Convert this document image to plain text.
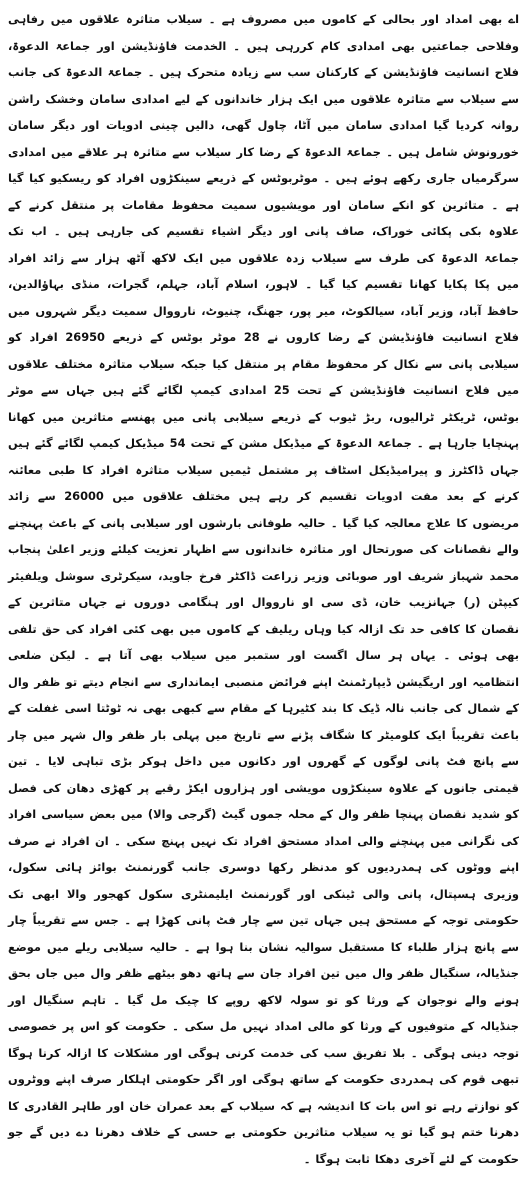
اے بھی امداد اور بحالی کے کاموں میں مصروف ہے ۔ سیلاب متاثرہ علاقوں میں رفاہی وفلاحی جماعتیں بھی امدادی کام کررہی ہیں ۔ الخدمت فاؤنڈیشن اور جماعۃ الدعوۃ، فلاح انسانیت فاؤنڈیشن کے کارکنان سب سے زیادہ متحرک ہیں ۔ جماعۃ الدعوۃ کی جانب سے سیلاب سے متاثرہ علاقوں میں ایک ہزار خاندانوں کے لیے امدادی سامان وخشک راشن روانہ کردیا گیا امدادی سامان میں آٹا، چاول گھی، دالیں چینی ادویات اور دیگر سامان خورونوش شامل ہیں ۔ جماعۃ الدعوۃ کے رضا کار سیلاب سے متاثرہ ہر علاقے میں امدادی سرگرمیاں جاری رکھے ہوئے ہیں ۔ موٹربوٹس کے ذریعے سینکڑوں افراد کو ریسکیو کیا گیا ہے ۔ متاثرین کو انکے سامان اور مویشیوں سمیت محفوظ مقامات پر منتقل کرنے کے علاوہ بکی پکائی خوراک، صاف پانی اور دیگر اشیاء تقسیم کی جارہی ہیں ۔ اب تک جماعۃ الدعوۃ کی طرف سے سیلاب زدہ علاقوں میں ایک لاکھ آٹھ ہزار سے زائد افراد میں پکا پکایا کھانا تقسیم کیا گیا ۔ لاہور، اسلام آباد، جہلم، گجرات، منڈی بہاؤالدین، حافظ آباد، وزیر آباد، سیالکوٹ، میر پور، جھنگ، چنیوٹ، نارووال سمیت دیگر شہروں میں فلاح انسانیت فاؤنڈیشن کے رضا کاروں نے 28 موٹر بوٹس کے ذریعے 26950 افراد کو سیلابی پانی سے نکال کر محفوظ مقام پر منتقل کیا جبکہ سیلاب متاثرہ مختلف علاقوں میں فلاح انسانیت فاؤنڈیشن کے تحت 25 امدادی کیمپ لگائے گئے ہیں جہاں سے موٹر بوٹس، ٹریکٹر ٹرالیوں، ربڑ ٹیوب کے ذریعے سیلابی پانی میں پھنسے متاثرین میں کھانا پہنچایا جارہا ہے ۔ جماعۃ الدعوۃ کے میڈیکل مشن کے تحت 54 میڈیکل کیمپ لگائے گئے ہیں جہاں ڈاکٹرز و پیرامیڈیکل اسٹاف پر مشتمل ٹیمیں سیلاب متاثرہ افراد کا طبی معائنہ کرنے کے بعد مفت ادویات تقسیم کر رہے ہیں مختلف علاقوں میں 26000 سے زائد مریضوں کا علاج معالجہ کیا گیا ۔ حالیہ طوفانی بارشوں اور سیلابی پانی کے باعث پہنچنے والے نقصانات کی صورتحال اور متاثرہ خاندانوں سے اظہار تعزیت کیلئے وزیر اعلیٰ پنجاب محمد شہباز شریف اور صوبائی وزیر زراعت ڈاکٹر فرخ جاوید، سیکرٹری سوشل ویلفیئر کیپٹن (ر) جہانزیب خان، ڈی سی او نارووال اور ہنگامی دوروں نے جہاں متاثرین کے نقصان کا کافی حد تک ازالہ کیا وہاں ریلیف کے کاموں میں بھی کئی افراد کی حق تلفی بھی ہوئی ۔ یہاں ہر سال اگست اور ستمبر میں سیلاب بھی آتا ہے ۔ لیکن ضلعی انتظامیہ اور اریگیشن ڈیپارٹمنٹ اپنے فرائض منصبی ایمانداری سے انجام دیتے تو ظفر وال کے شمال کی جانب نالہ ڈیک کا بند کٹیرہا کے مقام سے کبھی بھی نہ ٹوٹتا اسی غفلت کے باعث تقریباً ایک کلومیٹر کا شگاف پڑنے سے تاریخ میں پہلی بار ظفر وال شہر میں چار سے پانچ فٹ پانی لوگوں کے گھروں اور دکانوں میں داخل ہوکر بڑی تباہی لایا ۔ تین قیمتی جانوں کے علاوہ سینکڑوں مویشی اور ہزاروں ایکڑ رقبے پر کھڑی دھان کی فصل کو شدید نقصان پہنچا ظفر وال کے محلہ جموں گیٹ (گرجی والا) میں بعض سیاسی افراد کی نگرانی میں پہنچنے والی امداد مستحق افراد تک نہیں پہنچ سکی ۔ ان افراد نے صرف اپنے ووٹوں کی ہمدردیوں کو مدنظر رکھا دوسری جانب گورنمنٹ بوائز ہائی سکول، وزیری ہسپتال، پانی والی ٹینکی اور گورنمنٹ ایلیمنٹری سکول کھجور والا ابھی تک حکومتی توجہ کے مستحق ہیں جہاں تین سے چار فٹ پانی کھڑا ہے ۔ جس سے تقریباً چار سے پانچ ہزار طلباء کا مستقبل سوالیہ نشان بنا ہوا ہے ۔ حالیہ سیلابی ریلے میں موضع جنڈیالہ، سنگیال ظفر وال میں تین افراد جان سے ہاتھ دھو بیٹھے ظفر وال میں جاں بحق ہونے والے نوجوان کے ورثا کو تو سولہ لاکھ روپے کا چیک مل گیا ۔ تاہم سنگیال اور جنڈیالہ کے متوفیوں کے ورثا کو مالی امداد نہیں مل سکی ۔ حکومت کو اس پر خصوصی توجہ دینی ہوگی ۔ بلا تفریق سب کی خدمت کرنی ہوگی اور مشکلات کا ازالہ کرنا ہوگا تبھی قوم کی ہمدردی حکومت کے ساتھ ہوگی اور اگر حکومتی اہلکار صرف اپنے ووٹروں کو نوازتے رہے تو اس بات کا اندیشہ ہے کہ سیلاب کے بعد عمران خان اور طاہر القادری کا دھرنا ختم ہو گیا تو یہ سیلاب متاثرین حکومتی بے حسی کے خلاف دھرنا دے دیں گے جو حکومت کے لئے آخری دھکا ثابت ہوگا ۔
